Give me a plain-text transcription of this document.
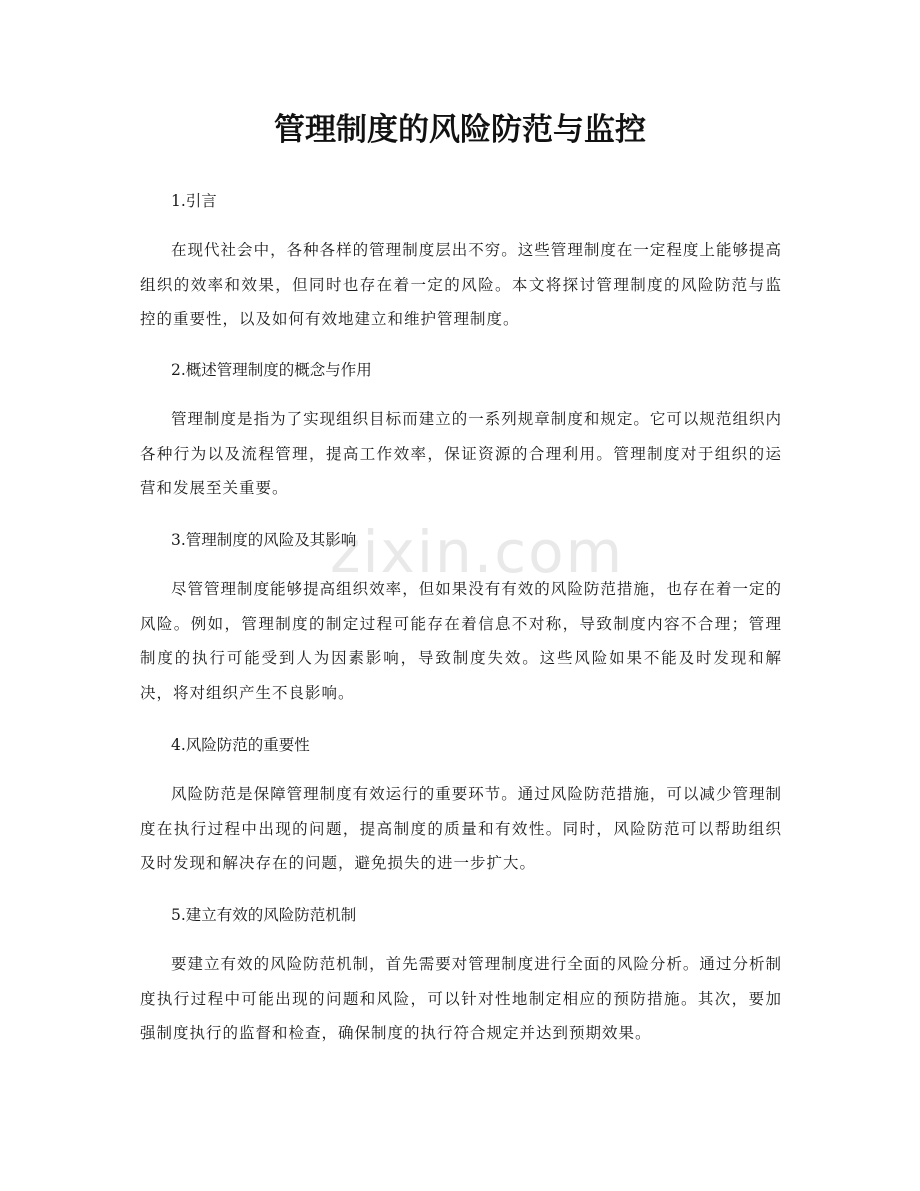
zixin.com
管理制度的风险防范与监控

1.引言

在现代社会中，各种各样的管理制度层出不穷。这些管理制度在一定程度上能够提高组织的效率和效果，但同时也存在着一定的风险。本文将探讨管理制度的风险防范与监控的重要性，以及如何有效地建立和维护管理制度。

2.概述管理制度的概念与作用

管理制度是指为了实现组织目标而建立的一系列规章制度和规定。它可以规范组织内各种行为以及流程管理，提高工作效率，保证资源的合理利用。管理制度对于组织的运营和发展至关重要。

3.管理制度的风险及其影响

尽管管理制度能够提高组织效率，但如果没有有效的风险防范措施，也存在着一定的风险。例如，管理制度的制定过程可能存在着信息不对称，导致制度内容不合理；管理制度的执行可能受到人为因素影响，导致制度失效。这些风险如果不能及时发现和解决，将对组织产生不良影响。

4.风险防范的重要性

风险防范是保障管理制度有效运行的重要环节。通过风险防范措施，可以减少管理制度在执行过程中出现的问题，提高制度的质量和有效性。同时，风险防范可以帮助组织及时发现和解决存在的问题，避免损失的进一步扩大。

5.建立有效的风险防范机制

要建立有效的风险防范机制，首先需要对管理制度进行全面的风险分析。通过分析制度执行过程中可能出现的问题和风险，可以针对性地制定相应的预防措施。其次，要加强制度执行的监督和检查，确保制度的执行符合规定并达到预期效果。
